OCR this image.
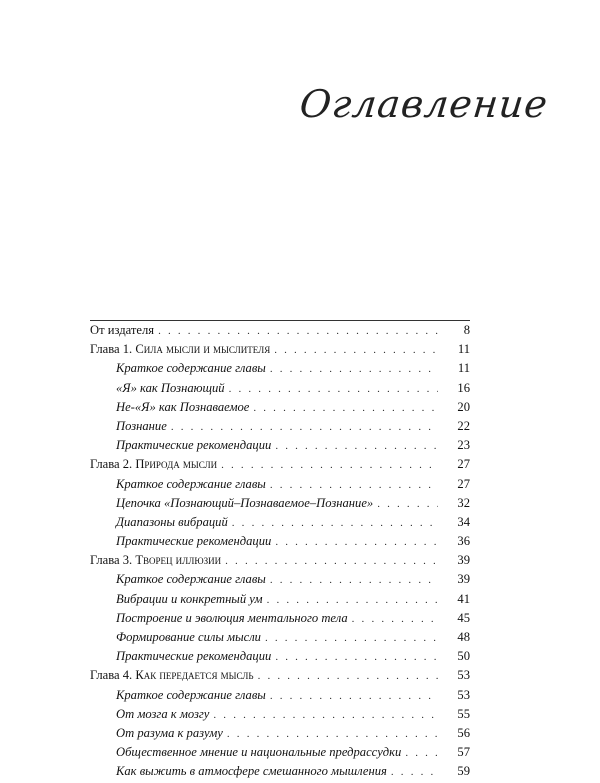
Оглавление
От издателя . . .	8
Глава 1. Сила мысли и мыслителя . . .	11
Краткое содержание главы . . .	11
«Я» как Познающий . . .	16
Не-«Я» как Познаваемое . . .	20
Познание . . .	22
Практические рекомендации . . .	23
Глава 2. Природа мысли . . .	27
Краткое содержание главы . . .	27
Цепочка «Познающий–Познаваемое–Познание» . . .	32
Диапазоны вибраций . . .	34
Практические рекомендации . . .	36
Глава 3. Творец иллюзии . . .	39
Краткое содержание главы . . .	39
Вибрации и конкретный ум . . .	41
Построение и эволюция ментального тела . . .	45
Формирование силы мысли . . .	48
Практические рекомендации . . .	50
Глава 4. Как передается мысль . . .	53
Краткое содержание главы . . .	53
От мозга к мозгу . . .	55
От разума к разуму . . .	56
Общественное мнение и национальные предрассудки . . .	57
Как выжить в атмосфере смешанного мышления . . .	59
